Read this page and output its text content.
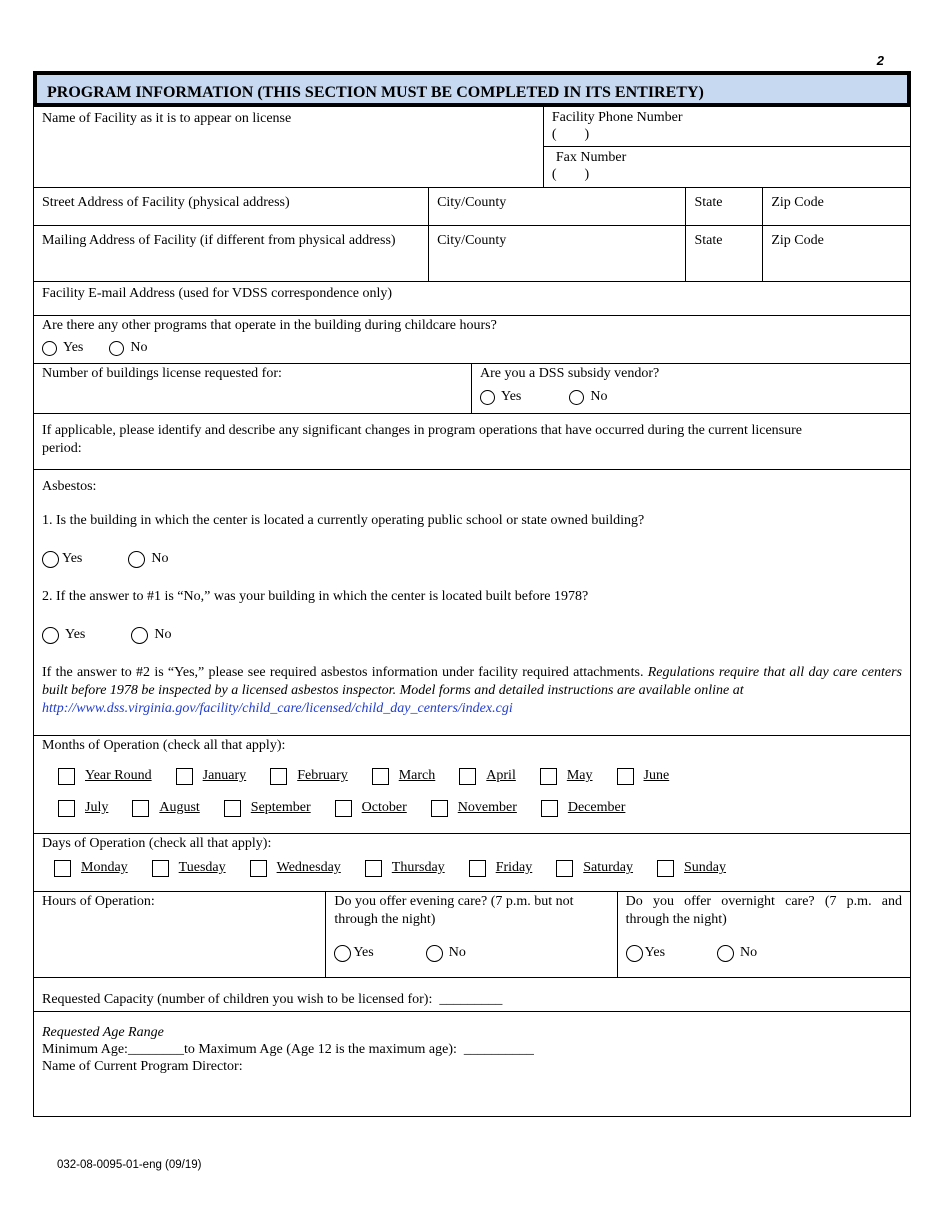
2
PROGRAM INFORMATION (THIS SECTION MUST BE COMPLETED IN ITS ENTIRETY)
Name of Facility as it is to appear on license	Facility Phone Number
(        )
Fax Number
(        )
Street Address of Facility (physical address)	City/County	State	Zip Code
Mailing Address of Facility (if different from physical address)	City/County	State	Zip Code
Facility E-mail Address (used for VDSS correspondence only)
Are there any other programs that operate in the building during childcare hours?
Yes	No
Number of buildings license requested for:	Are you a DSS subsidy vendor?
Yes	No
If applicable, please identify and describe any significant changes in program operations that have occurred during the current licensure period:
Asbestos:
1. Is the building in which the center is located a currently operating public school or state owned building?
Yes	No
2. If the answer to #1 is “No,” was your building in which the center is located built before 1978?
Yes	No
If the answer to #2 is “Yes,” please see required asbestos information under facility required attachments. Regulations require that all day care centers built before 1978 be inspected by a licensed asbestos inspector. Model forms and detailed instructions are available online at
http://www.dss.virginia.gov/facility/child_care/licensed/child_day_centers/index.cgi
Months of Operation (check all that apply):
Year Round	January	February	March	April	May	June
July	August	September	October	November	December
Days of Operation (check all that apply):
Monday	Tuesday	Wednesday	Thursday	Friday	Saturday	Sunday
Hours of Operation:	Do you offer evening care? (7 p.m. but not through the night)
Yes	No
Do you offer overnight care? (7 p.m. and through the night)
Yes	No
Requested Capacity (number of children you wish to be licensed for):  _________
Requested Age Range
Minimum Age:________to Maximum Age (Age 12 is the maximum age):  __________
Name of Current Program Director:
032-08-0095-01-eng (09/19)
